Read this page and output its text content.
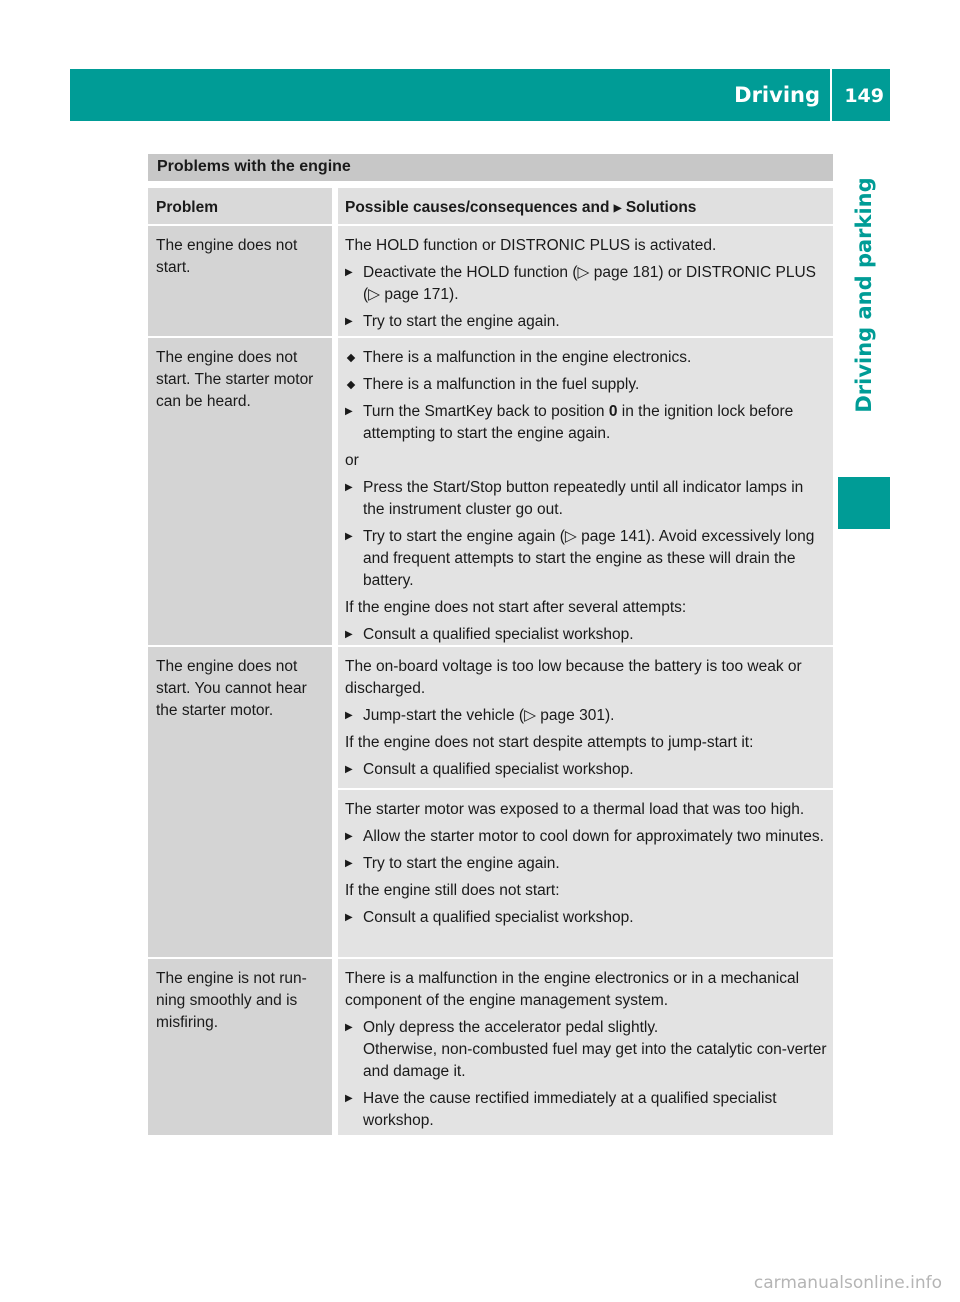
Driving 149
Driving and parking
Problems with the engine
Problem	Possible causes/consequences and ▶ Solutions
The engine does not start.

The HOLD function or DISTRONIC PLUS is activated.

▶ Deactivate the HOLD function (▷ page 181) or DISTRONIC PLUS (▷ page 171).
▶ Try to start the engine again.
The engine does not start. The starter motor can be heard.
There is a malfunction in the engine electronics.
There is a malfunction in the fuel supply.
▶ Turn the SmartKey back to position 0 in the ignition lock before attempting to start the engine again.

or

▶ Press the Start/Stop button repeatedly until all indicator lamps in the instrument cluster go out.
▶ Try to start the engine again (▷ page 141). Avoid excessively long and frequent attempts to start the engine as these will drain the battery.

If the engine does not start after several attempts:

▶ Consult a qualified specialist workshop.
The engine does not start. You cannot hear the starter motor.

The on-board voltage is too low because the battery is too weak or discharged.

▶ Jump-start the vehicle (▷ page 301).

If the engine does not start despite attempts to jump-start it:

▶ Consult a qualified specialist workshop.

The starter motor was exposed to a thermal load that was too high.

▶ Allow the starter motor to cool down for approximately two minutes.
▶ Try to start the engine again.

If the engine still does not start:

▶ Consult a qualified specialist workshop.
The engine is not run-ning smoothly and is misfiring.

There is a malfunction in the engine electronics or in a mechanical component of the engine management system.

▶ Only depress the accelerator pedal slightly.
Otherwise, non-combusted fuel may get into the catalytic con-verter and damage it.
▶ Have the cause rectified immediately at a qualified specialist workshop.
carmanualsonline.info
